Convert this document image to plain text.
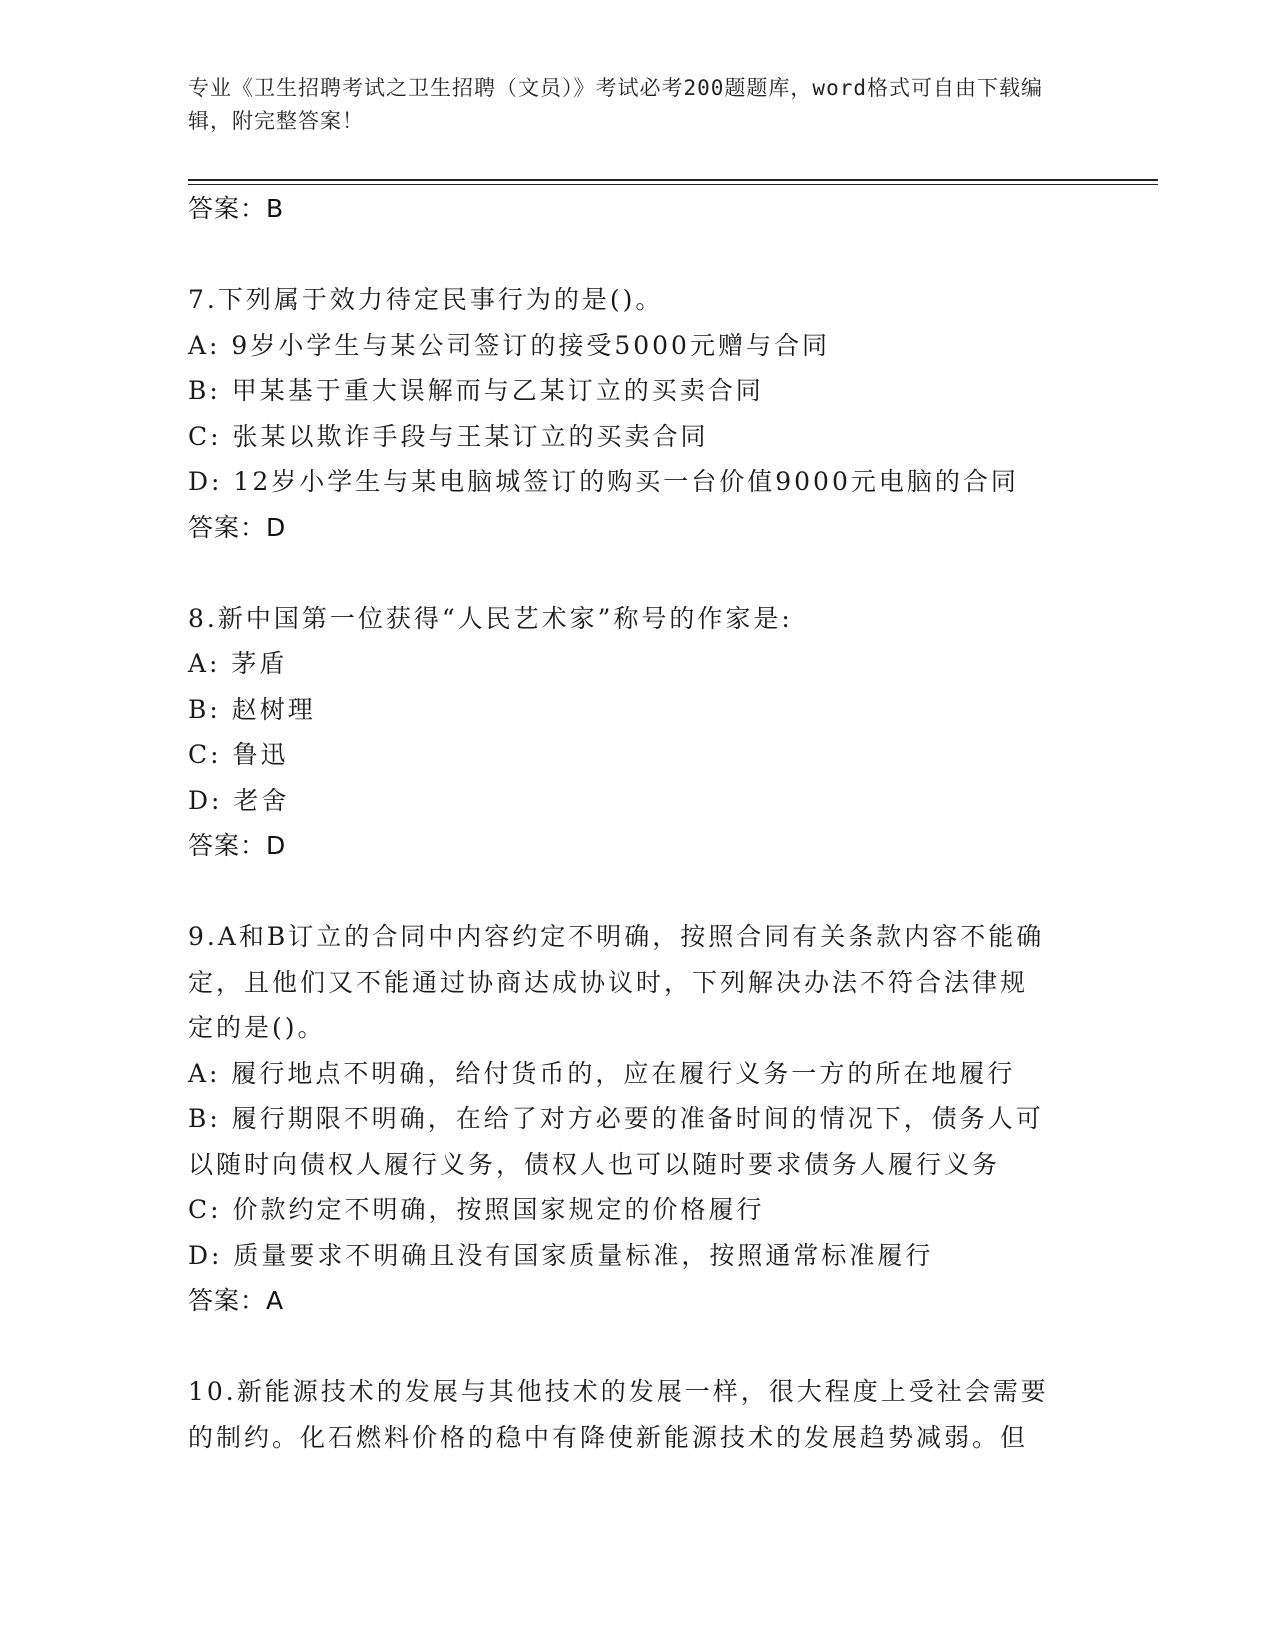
专业《卫生招聘考试之卫生招聘（文员）》考试必考200题题库，word格式可自由下载编辑，附完整答案！
答案：B
7.下列属于效力待定民事行为的是()。
A: 9岁小学生与某公司签订的接受5000元赠与合同
B: 甲某基于重大误解而与乙某订立的买卖合同
C: 张某以欺诈手段与王某订立的买卖合同
D: 12岁小学生与某电脑城签订的购买一台价值9000元电脑的合同
答案：D
8.新中国第一位获得“人民艺术家”称号的作家是:
A: 茅盾
B: 赵树理
C: 鲁迅
D: 老舍
答案：D
9.A和B订立的合同中内容约定不明确，按照合同有关条款内容不能确
定，且他们又不能通过协商达成协议时，下列解决办法不符合法律规
定的是()。
A: 履行地点不明确，给付货币的，应在履行义务一方的所在地履行
B: 履行期限不明确，在给了对方必要的准备时间的情况下，债务人可
以随时向债权人履行义务，债权人也可以随时要求债务人履行义务
C: 价款约定不明确，按照国家规定的价格履行
D: 质量要求不明确且没有国家质量标准，按照通常标准履行
答案：A
10.新能源技术的发展与其他技术的发展一样，很大程度上受社会需要
的制约。化石燃料价格的稳中有降使新能源技术的发展趋势减弱。但
